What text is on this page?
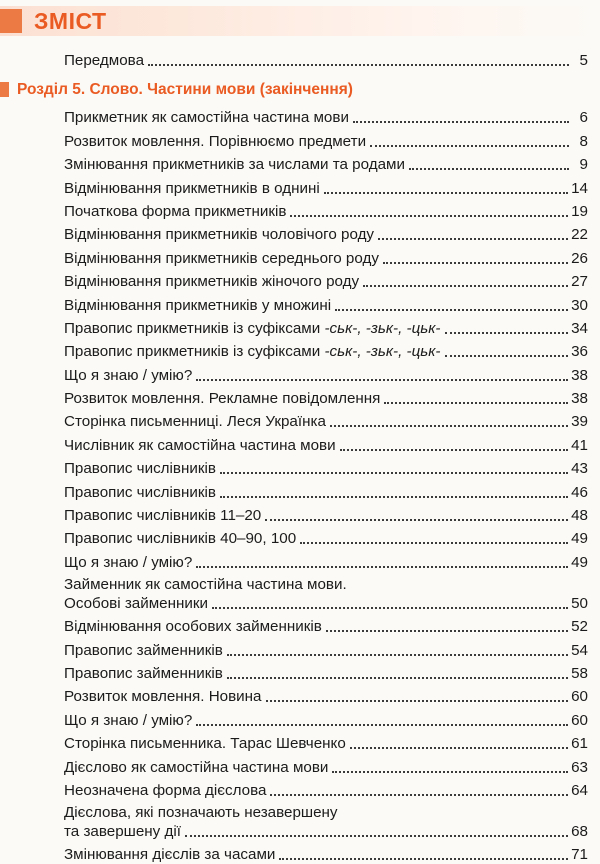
ЗМІСТ
Передмова	5
Розділ 5. Слово. Частини мови (закінчення)
Прикметник як самостійна частина мови	6
Розвиток мовлення. Порівнюємо предмети	8
Змінювання прикметників за числами та родами	9
Відмінювання прикметників в однині	14
Початкова форма прикметників	19
Відмінювання прикметників чоловічого роду	22
Відмінювання прикметників середнього роду	26
Відмінювання прикметників жіночого роду	27
Відмінювання прикметників у множині	30
Правопис прикметників із суфіксами -ськ-, -зьк-, -цьк-	34
Правопис прикметників із суфіксами -ськ-, -зьк-, -цьк-	36
Що я знаю / умію?	38
Розвиток мовлення. Рекламне повідомлення	38
Сторінка письменниці. Леся Українка	39
Числівник як самостійна частина мови	41
Правопис числівників	43
Правопис числівників	46
Правопис числівників 11–20	48
Правопис числівників 40–90, 100	49
Що я знаю / умію?	49
Займенник як самостійна частина мови.
Особові займенники	50
Відмінювання особових займенників	52
Правопис займенників	54
Правопис займенників	58
Розвиток мовлення. Новина	60
Що я знаю / умію?	60
Сторінка письменника. Тарас Шевченко	61
Дієслово як самостійна частина мови	63
Неозначена форма дієслова	64
Дієслова, які позначають незавершену
та завершену дії	68
Змінювання дієслів за часами	71
